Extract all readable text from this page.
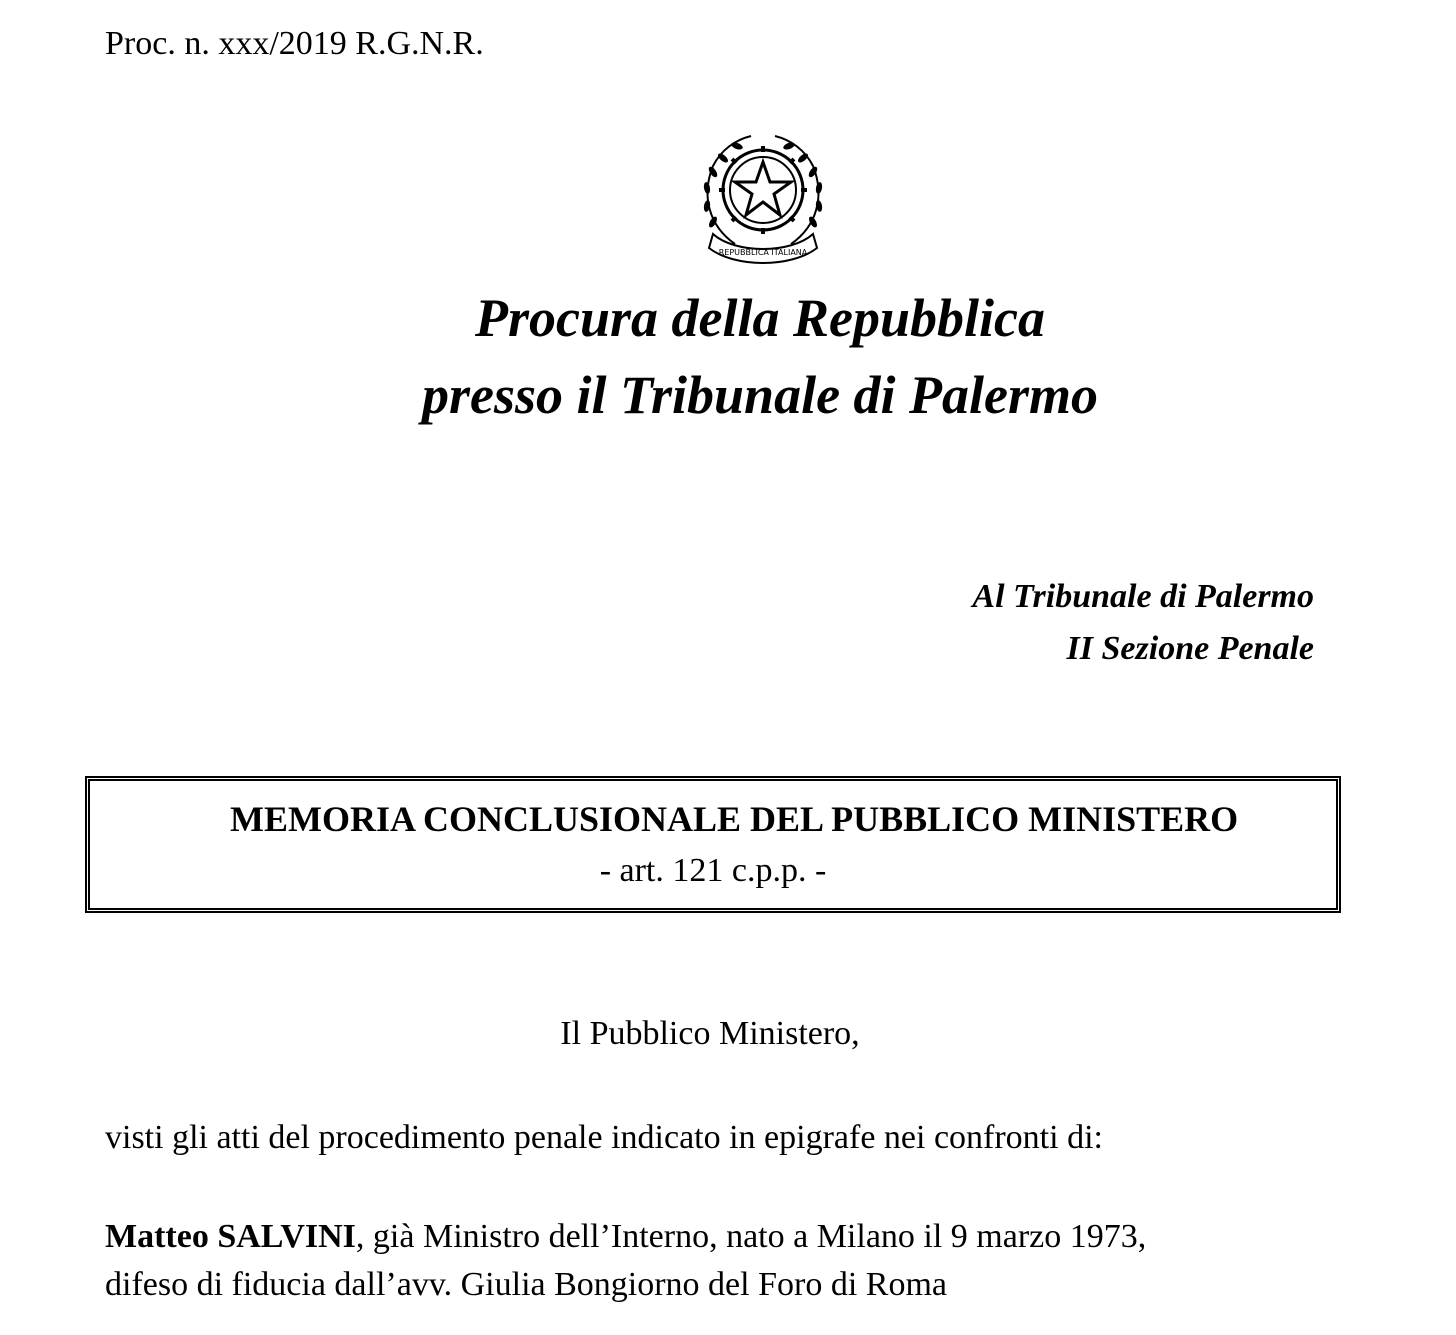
Proc. n. xxx/2019 R.G.N.R.
REPUBBLICA ITALIANA
Procura della Repubblica
presso il Tribunale di Palermo
Al Tribunale di Palermo
II Sezione Penale
MEMORIA CONCLUSIONALE DEL PUBBLICO MINISTERO
- art. 121 c.p.p. -
Il Pubblico Ministero,
visti gli atti del procedimento penale indicato in epigrafe nei confronti di:
Matteo SALVINI, già Ministro dell’Interno, nato a Milano il 9 marzo 1973,
difeso di fiducia dall’avv. Giulia Bongiorno del Foro di Roma
